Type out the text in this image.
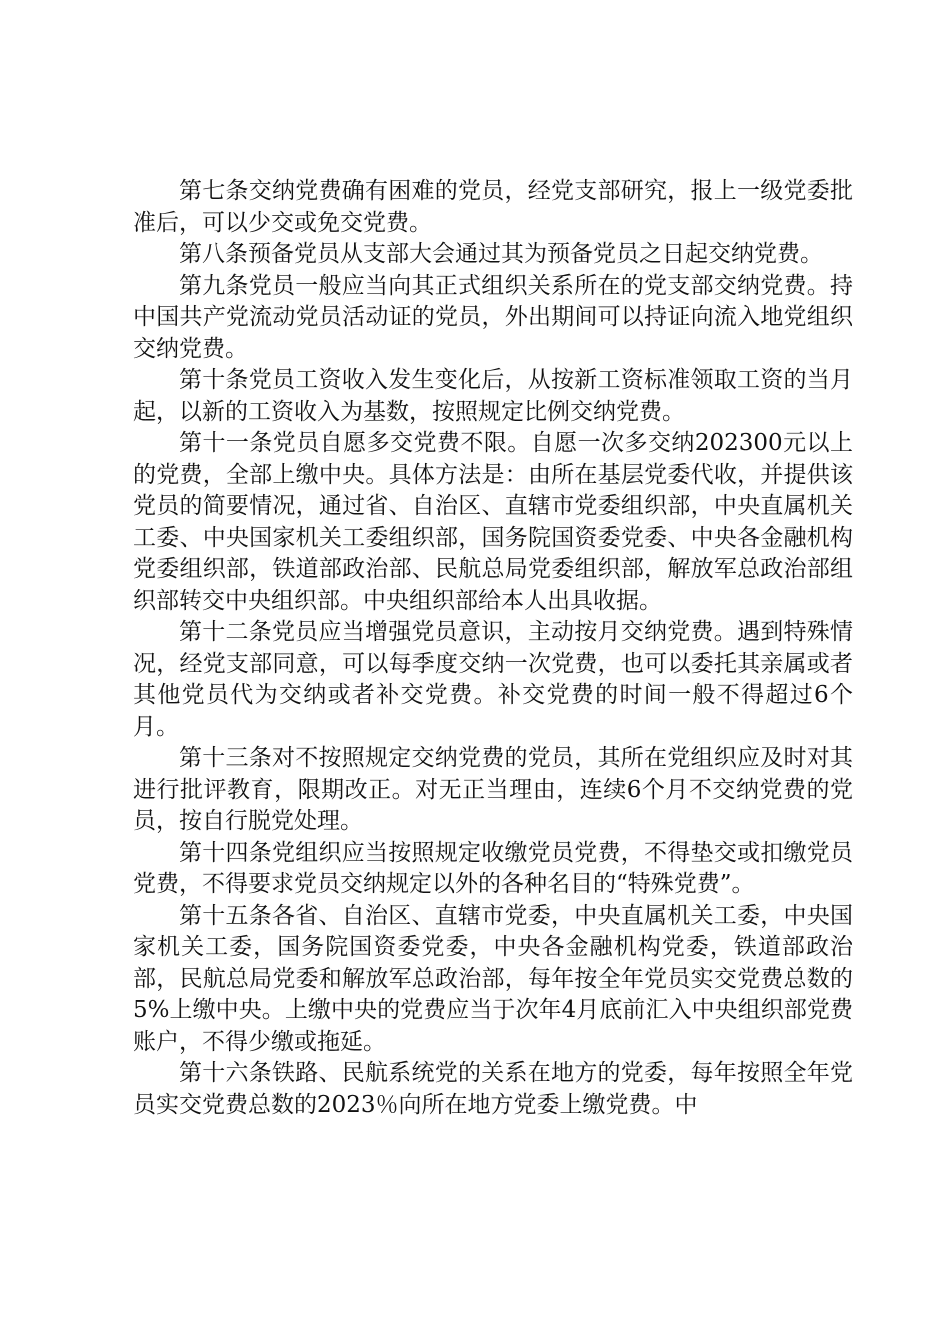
第七条交纳党费确有困难的党员，经党支部研究，报上一级党委批准后，可以少交或免交党费。

第八条预备党员从支部大会通过其为预备党员之日起交纳党费。

第九条党员一般应当向其正式组织关系所在的党支部交纳党费。持中国共产党流动党员活动证的党员，外出期间可以持证向流入地党组织交纳党费。

第十条党员工资收入发生变化后，从按新工资标准领取工资的当月起，以新的工资收入为基数，按照规定比例交纳党费。

第十一条党员自愿多交党费不限。自愿一次多交纳202300元以上的党费，全部上缴中央。具体方法是：由所在基层党委代收，并提供该党员的简要情况，通过省、自治区、直辖市党委组织部，中央直属机关工委、中央国家机关工委组织部，国务院国资委党委、中央各金融机构党委组织部，铁道部政治部、民航总局党委组织部，解放军总政治部组织部转交中央组织部。中央组织部给本人出具收据。

第十二条党员应当增强党员意识，主动按月交纳党费。遇到特殊情况，经党支部同意，可以每季度交纳一次党费，也可以委托其亲属或者其他党员代为交纳或者补交党费。补交党费的时间一般不得超过6个月。

第十三条对不按照规定交纳党费的党员，其所在党组织应及时对其进行批评教育，限期改正。对无正当理由，连续6个月不交纳党费的党员，按自行脱党处理。

第十四条党组织应当按照规定收缴党员党费，不得垫交或扣缴党员党费，不得要求党员交纳规定以外的各种名目的“特殊党费”。

第十五条各省、自治区、直辖市党委，中央直属机关工委，中央国家机关工委，国务院国资委党委，中央各金融机构党委，铁道部政治部，民航总局党委和解放军总政治部，每年按全年党员实交党费总数的5%上缴中央。上缴中央的党费应当于次年4月底前汇入中央组织部党费账户，不得少缴或拖延。

第十六条铁路、民航系统党的关系在地方的党委，每年按照全年党员实交党费总数的2023％向所在地方党委上缴党费。中
